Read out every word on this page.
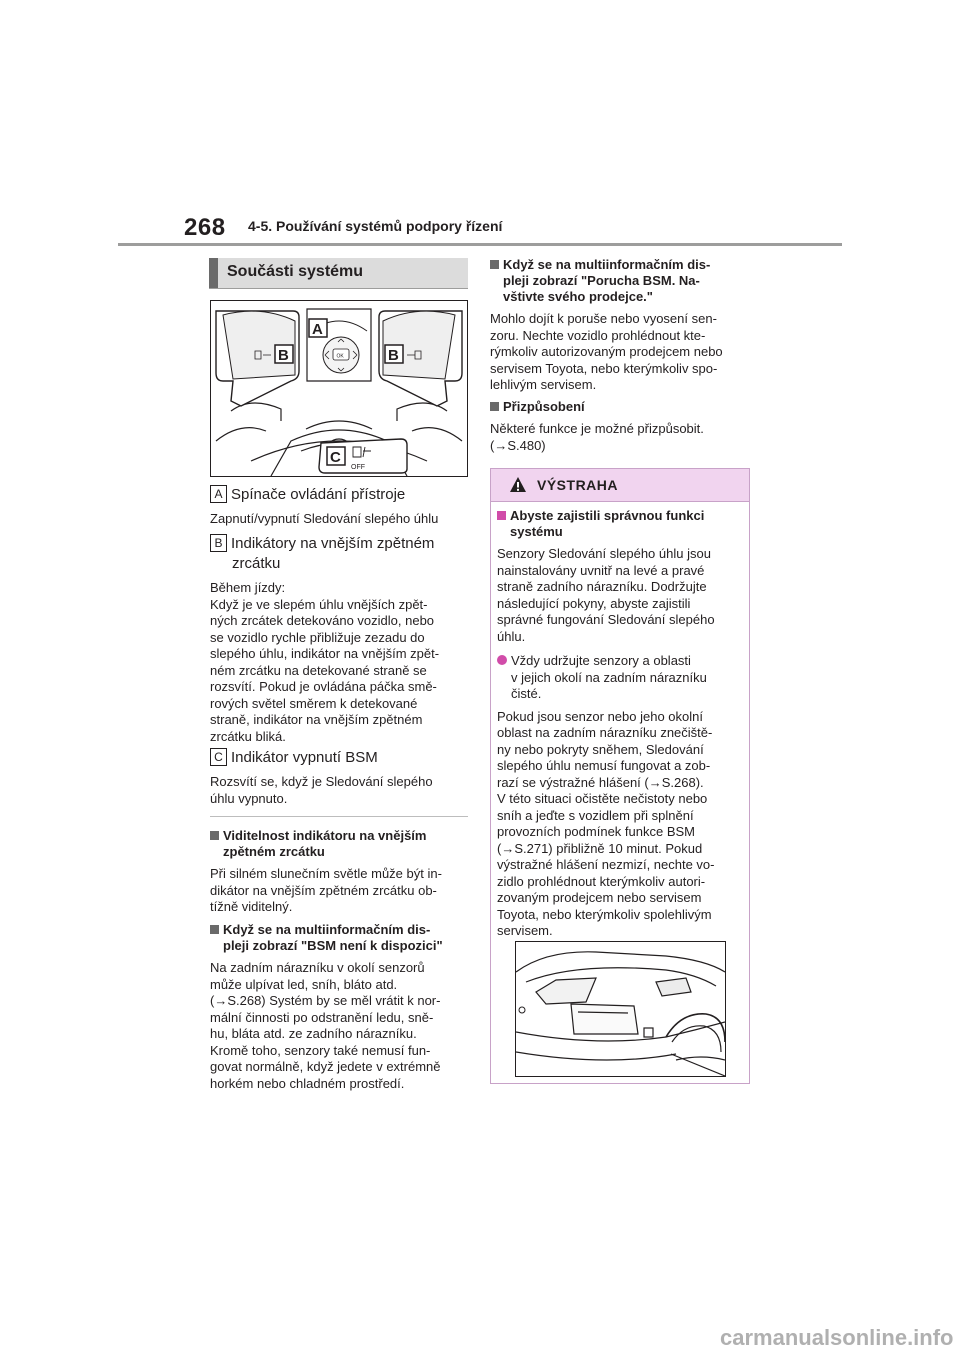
268 4-5. Používání systémů podpory řízení
Součásti systému
B	B
OK
A
C
OFF
A Spínače ovládání přístroje
Zapnutí/vypnutí Sledování slepého úhlu
B Indikátory na vnějším zpětném
zrcátku
Během jízdy:
Když je ve slepém úhlu vnějších zpět-
ných zrcátek detekováno vozidlo, nebo
se vozidlo rychle přibližuje zezadu do
slepého úhlu, indikátor na vnějším zpět-
ném zrcátku na detekované straně se
rozsvítí. Pokud je ovládána páčka smě-
rových světel směrem k detekované
straně, indikátor na vnějším zpětném
zrcátku bliká.
C Indikátor vypnutí BSM
Rozsvítí se, když je Sledování slepého
úhlu vypnuto.
Viditelnost indikátoru na vnějším
zpětném zrcátku
Při silném slunečním světle může být in-
dikátor na vnějším zpětném zrcátku ob-
tížně viditelný.
Když se na multiinformačním dis-
pleji zobrazí "BSM není k dispozici"
Na zadním nárazníku v okolí senzorů
může ulpívat led, sníh, bláto atd.
(→S.268) Systém by se měl vrátit k nor-
mální činnosti po odstranění ledu, sně-
hu, bláta atd. ze zadního nárazníku.
Kromě toho, senzory také nemusí fun-
govat normálně, když jedete v extrémně
horkém nebo chladném prostředí.
Když se na multiinformačním dis-
pleji zobrazí "Porucha BSM. Na-
vštivte svého prodejce."
Mohlo dojít k poruše nebo vyosení sen-
zoru. Nechte vozidlo prohlédnout kte-
rýmkoliv autorizovaným prodejcem nebo
servisem Toyota, nebo kterýmkoliv spo-
lehlivým servisem.
Přizpůsobení
Některé funkce je možné přizpůsobit.
(→S.480)
VÝSTRAHA
Abyste zajistili správnou funkci
systému
Senzory Sledování slepého úhlu jsou
nainstalovány uvnitř na levé a pravé
straně zadního nárazníku. Dodržujte
následující pokyny, abyste zajistili
správné fungování Sledování slepého
úhlu.
Vždy udržujte senzory a oblasti
v jejich okolí na zadním nárazníku
čisté.
Pokud jsou senzor nebo jeho okolní
oblast na zadním nárazníku znečiště-
ny nebo pokryty sněhem, Sledování
slepého úhlu nemusí fungovat a zob-
razí se výstražné hlášení (→S.268).
V této situaci očistěte nečistoty nebo
sníh a jeďte s vozidlem při splnění
provozních podmínek funkce BSM
(→S.271) přibližně 10 minut. Pokud
výstražné hlášení nezmizí, nechte vo-
zidlo prohlédnout kterýmkoliv autori-
zovaným prodejcem nebo servisem
Toyota, nebo kterýmkoliv spolehlivým
servisem.
carmanualsonline.info
